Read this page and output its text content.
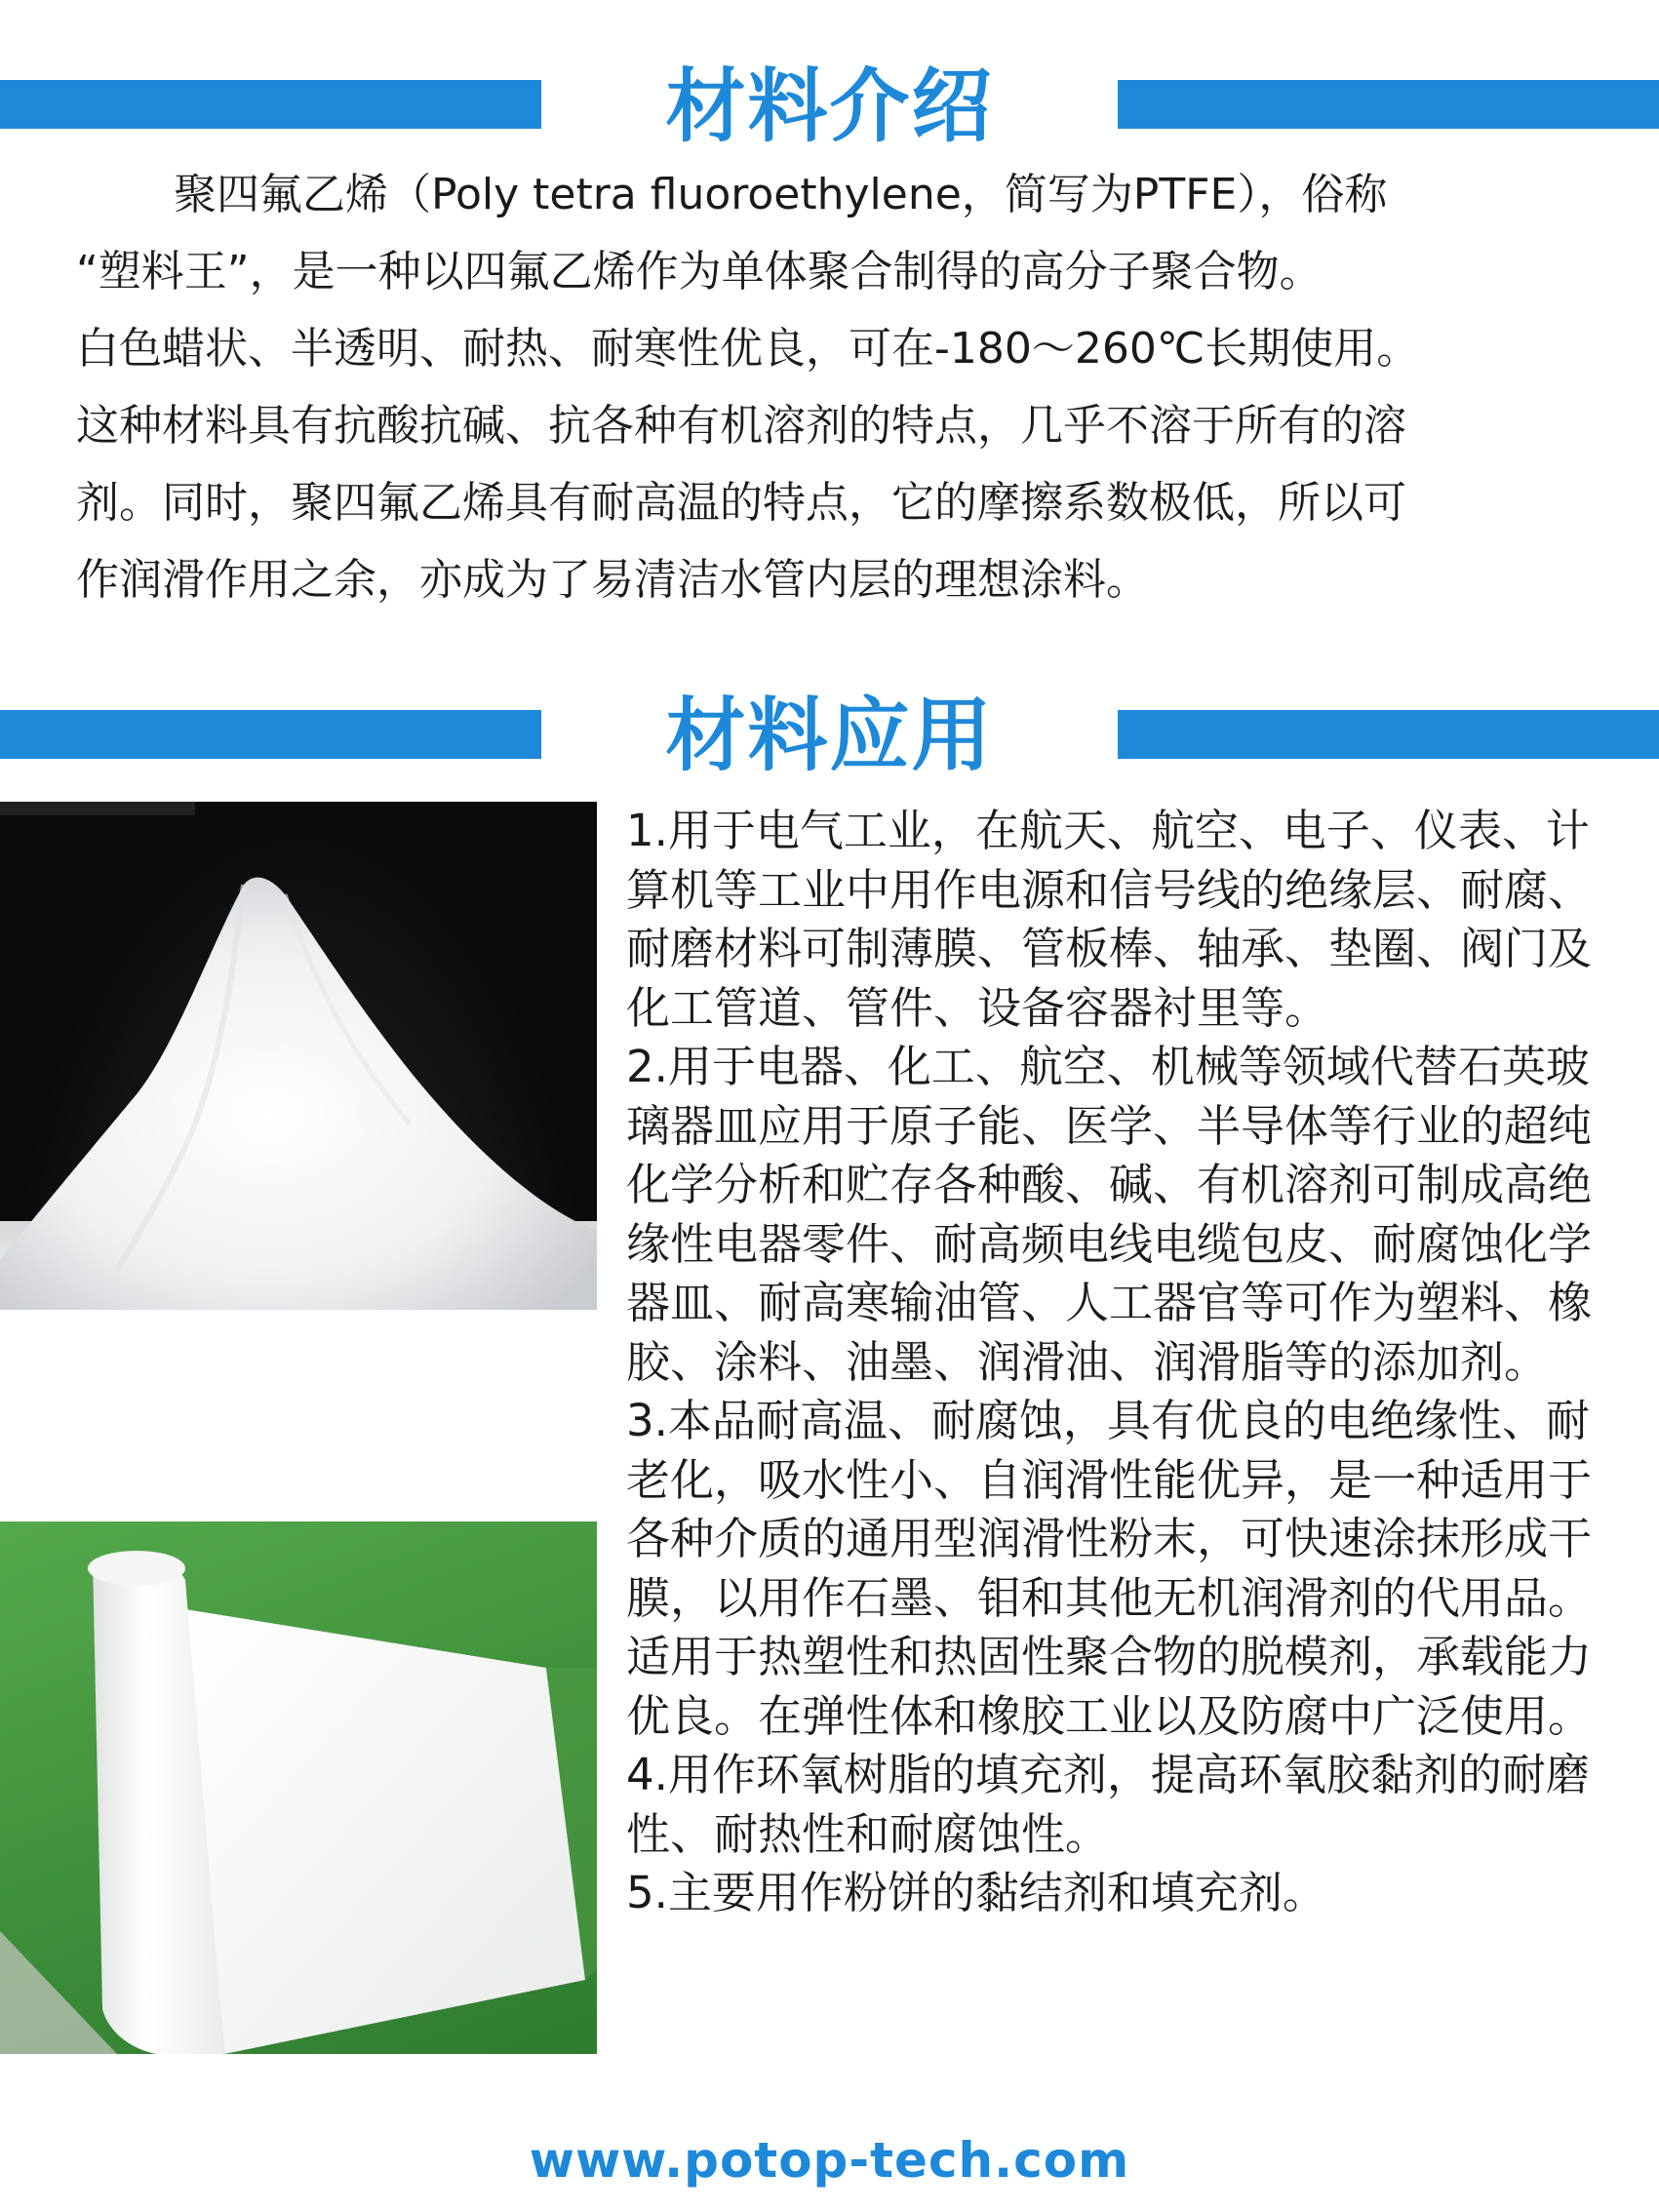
材料介绍

聚四氟乙烯（Poly tetra fluoroethylene，简写为PTFE），俗称

“塑料王”，是一种以四氟乙烯作为单体聚合制得的高分子聚合物。

白色蜡状、半透明、耐热、耐寒性优良，可在-180～260℃长期使用。

这种材料具有抗酸抗碱、抗各种有机溶剂的特点，几乎不溶于所有的溶

剂。同时，聚四氟乙烯具有耐高温的特点，它的摩擦系数极低，所以可

作润滑作用之余，亦成为了易清洁水管内层的理想涂料。

材料应用

1.用于电气工业，在航天、航空、电子、仪表、计算机等工业中用作电源和信号线的绝缘层、耐腐、耐磨材料可制薄膜、管板棒、轴承、垫圈、阀门及化工管道、管件、设备容器衬里等。

2.用于电器、化工、航空、机械等领域代替石英玻璃器皿应用于原子能、医学、半导体等行业的超纯化学分析和贮存各种酸、碱、有机溶剂可制成高绝缘性电器零件、耐高频电线电缆包皮、耐腐蚀化学器皿、耐高寒输油管、人工器官等可作为塑料、橡胶、涂料、油墨、润滑油、润滑脂等的添加剂。

3.本品耐高温、耐腐蚀，具有优良的电绝缘性、耐老化，吸水性小、自润滑性能优异，是一种适用于各种介质的通用型润滑性粉末，可快速涂抹形成干膜，以用作石墨、钼和其他无机润滑剂的代用品。适用于热塑性和热固性聚合物的脱模剂，承载能力优良。在弹性体和橡胶工业以及防腐中广泛使用。

4.用作环氧树脂的填充剂，提高环氧胶黏剂的耐磨性、耐热性和耐腐蚀性。

5.主要用作粉饼的黏结剂和填充剂。

www.potop-tech.com
